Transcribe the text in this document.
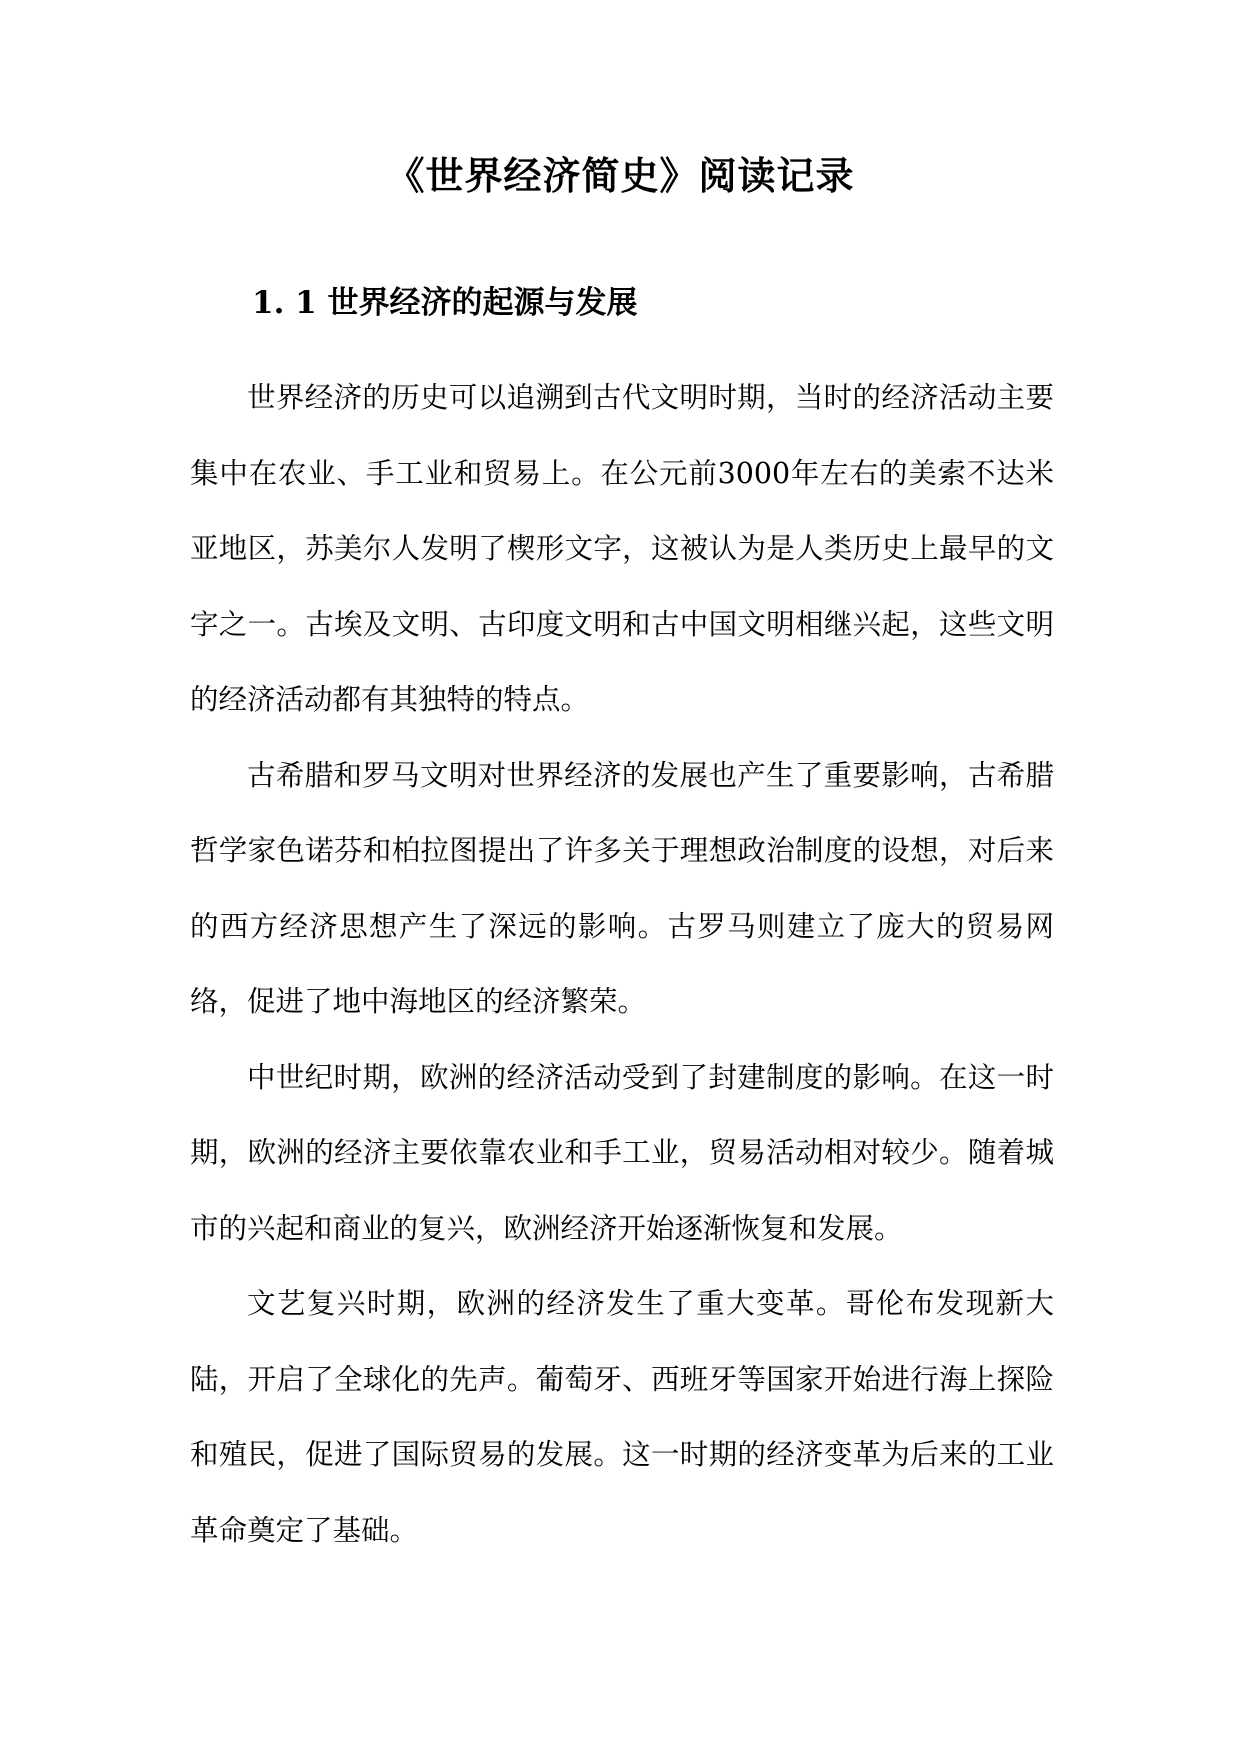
《世界经济简史》阅读记录
1. 1 世界经济的起源与发展

世界经济的历史可以追溯到古代文明时期，当时的经济活动主要集中在农业、手工业和贸易上。在公元前3000年左右的美索不达米亚地区，苏美尔人发明了楔形文字，这被认为是人类历史上最早的文字之一。古埃及文明、古印度文明和古中国文明相继兴起，这些文明的经济活动都有其独特的特点。

古希腊和罗马文明对世界经济的发展也产生了重要影响，古希腊哲学家色诺芬和柏拉图提出了许多关于理想政治制度的设想，对后来的西方经济思想产生了深远的影响。古罗马则建立了庞大的贸易网络，促进了地中海地区的经济繁荣。

中世纪时期，欧洲的经济活动受到了封建制度的影响。在这一时期，欧洲的经济主要依靠农业和手工业，贸易活动相对较少。随着城市的兴起和商业的复兴，欧洲经济开始逐渐恢复和发展。

文艺复兴时期，欧洲的经济发生了重大变革。哥伦布发现新大陆，开启了全球化的先声。葡萄牙、西班牙等国家开始进行海上探险和殖民，促进了国际贸易的发展。这一时期的经济变革为后来的工业革命奠定了基础。
